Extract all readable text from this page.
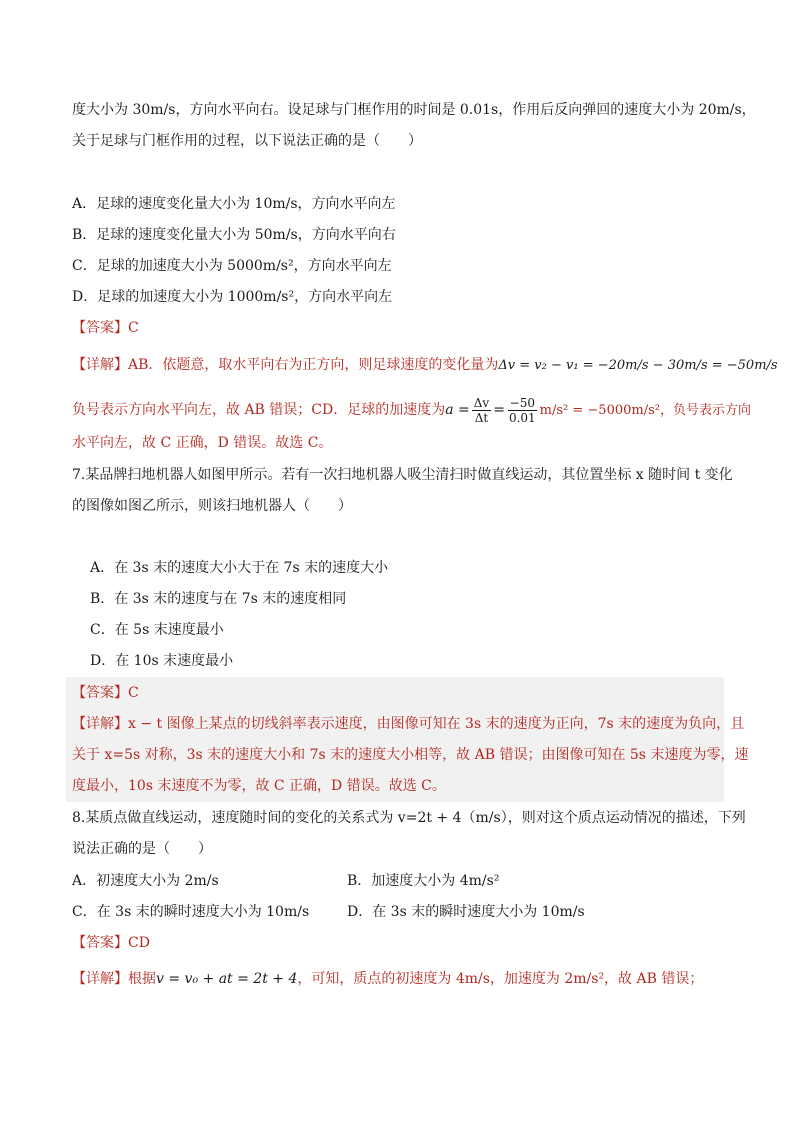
度大小为 30m/s，方向水平向右。设足球与门框作用的时间是 0.01s，作用后反向弹回的速度大小为 20m/s，
关于足球与门框作用的过程，以下说法正确的是（　　）
A．足球的速度变化量大小为 10m/s，方向水平向左
B．足球的速度变化量大小为 50m/s，方向水平向右
C．足球的加速度大小为 5000m/s²，方向水平向左
D．足球的加速度大小为 1000m/s²，方向水平向左
【答案】C
【详解】AB．依题意，取水平向右为正方向，则足球速度的变化量为Δv = v₂ − v₁ = −20m/s − 30m/s = −50m/s
负号表示方向水平向左，故 AB 错误；CD．足球的加速度为$a = \frac{\Delta v}{\Delta t} = \frac{-50}{0.01} m/s^2 = -5000m/s^2$，负号表示方向
水平向左，故 C 正确，D 错误。故选 C。
7.某品牌扫地机器人如图甲所示。若有一次扫地机器人吸尘清扫时做直线运动，其位置坐标 x 随时间 t 变化
的图像如图乙所示，则该扫地机器人（　　）
A．在 3s 末的速度大小大于在 7s 末的速度大小
B．在 3s 末的速度与在 7s 末的速度相同
C．在 5s 末速度最小
D．在 10s 末速度最小
【答案】C
【详解】x − t 图像上某点的切线斜率表示速度，由图像可知在 3s 末的速度为正向，7s 末的速度为负向，且
关于 x=5s 对称，3s 末的速度大小和 7s 末的速度大小相等，故 AB 错误；由图像可知在 5s 末速度为零，速
度最小，10s 末速度不为零，故 C 正确，D 错误。故选 C。
8.某质点做直线运动，速度随时间的变化的关系式为 v=2t + 4（m/s），则对这个质点运动情况的描述，下列
说法正确的是（　　）
A．初速度大小为 2m/s	B．加速度大小为 4m/s²
C．在 3s 末的瞬时速度大小为 10m/s	D．在 3s 末的瞬时速度大小为 10m/s
【答案】CD
【详解】根据v = v₀ + at = 2t + 4，可知，质点的初速度为 4m/s，加速度为 2m/s²，故 AB 错误；
